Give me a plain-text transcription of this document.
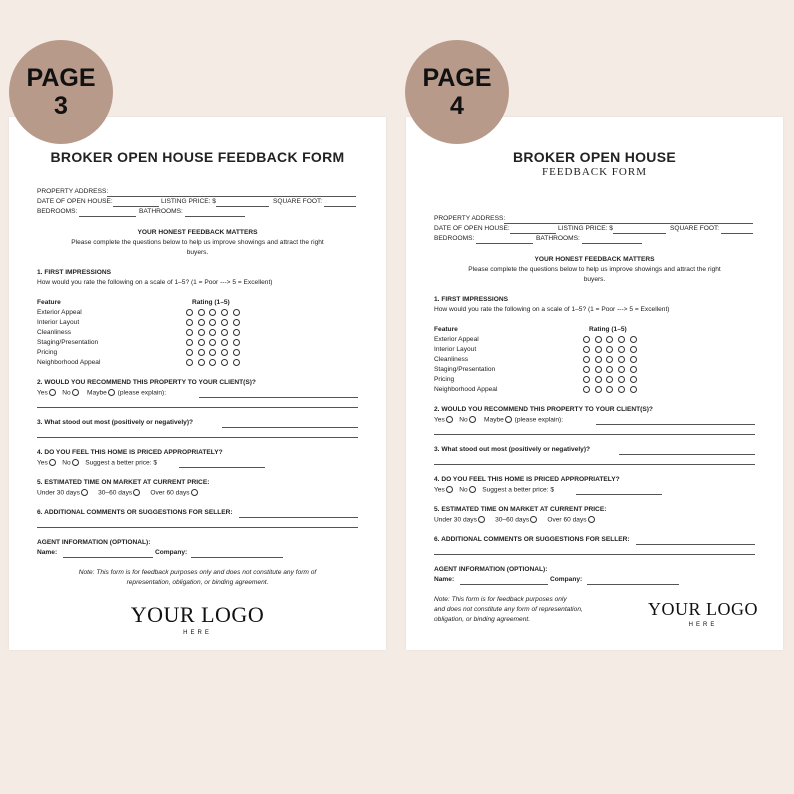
PAGE
3
PAGE
4
BROKER OPEN HOUSE FEEDBACK FORM
PROPERTY ADDRESS:
DATE OF OPEN HOUSE:	LISTING PRICE: $	SQUARE FOOT:
BEDROOMS:	BATHROOMS:
YOUR HONEST FEEDBACK MATTERS
Please complete the questions below to help us improve showings and attract the right
buyers.
1. FIRST IMPRESSIONS
How would you rate the following on a scale of 1–5? (1 = Poor ---> 5 = Excellent)
Feature	Rating (1–5)
Exterior Appeal
Interior Layout
Cleanliness
Staging/Presentation
Pricing
Neighborhood Appeal
2. WOULD YOU RECOMMEND THIS PROPERTY TO YOUR CLIENT(S)?
Yes No Maybe (please explain):
3. What stood out most (positively or negatively)?
4. DO YOU FEEL THIS HOME IS PRICED APPROPRIATELY?
Yes No Suggest a better price: $
5. ESTIMATED TIME ON MARKET AT CURRENT PRICE:
Under 30 days	30–60 days	Over 60 days
6. ADDITIONAL COMMENTS OR SUGGESTIONS FOR SELLER:
AGENT INFORMATION (OPTIONAL):
Name:	Company:
Note: This form is for feedback purposes only and does not constitute any form of
representation, obligation, or binding agreement.
YOUR LOGO
HERE
BROKER OPEN HOUSE
FEEDBACK FORM
PROPERTY ADDRESS:
DATE OF OPEN HOUSE:	LISTING PRICE: $	SQUARE FOOT:
BEDROOMS:	BATHROOMS:
YOUR HONEST FEEDBACK MATTERS
Please complete the questions below to help us improve showings and attract the right
buyers.
1. FIRST IMPRESSIONS
How would you rate the following on a scale of 1–5? (1 = Poor ---> 5 = Excellent)
Feature	Rating (1–5)
Exterior Appeal
Interior Layout
Cleanliness
Staging/Presentation
Pricing
Neighborhood Appeal
2. WOULD YOU RECOMMEND THIS PROPERTY TO YOUR CLIENT(S)?
Yes No Maybe (please explain):
3. What stood out most (positively or negatively)?
4. DO YOU FEEL THIS HOME IS PRICED APPROPRIATELY?
Yes No Suggest a better price: $
5. ESTIMATED TIME ON MARKET AT CURRENT PRICE:
Under 30 days	30–60 days	Over 60 days
6. ADDITIONAL COMMENTS OR SUGGESTIONS FOR SELLER:
AGENT INFORMATION (OPTIONAL):
Name:	Company:
Note: This form is for feedback purposes only
and does not constitute any form of representation,
obligation, or binding agreement.
YOUR LOGO
HERE
